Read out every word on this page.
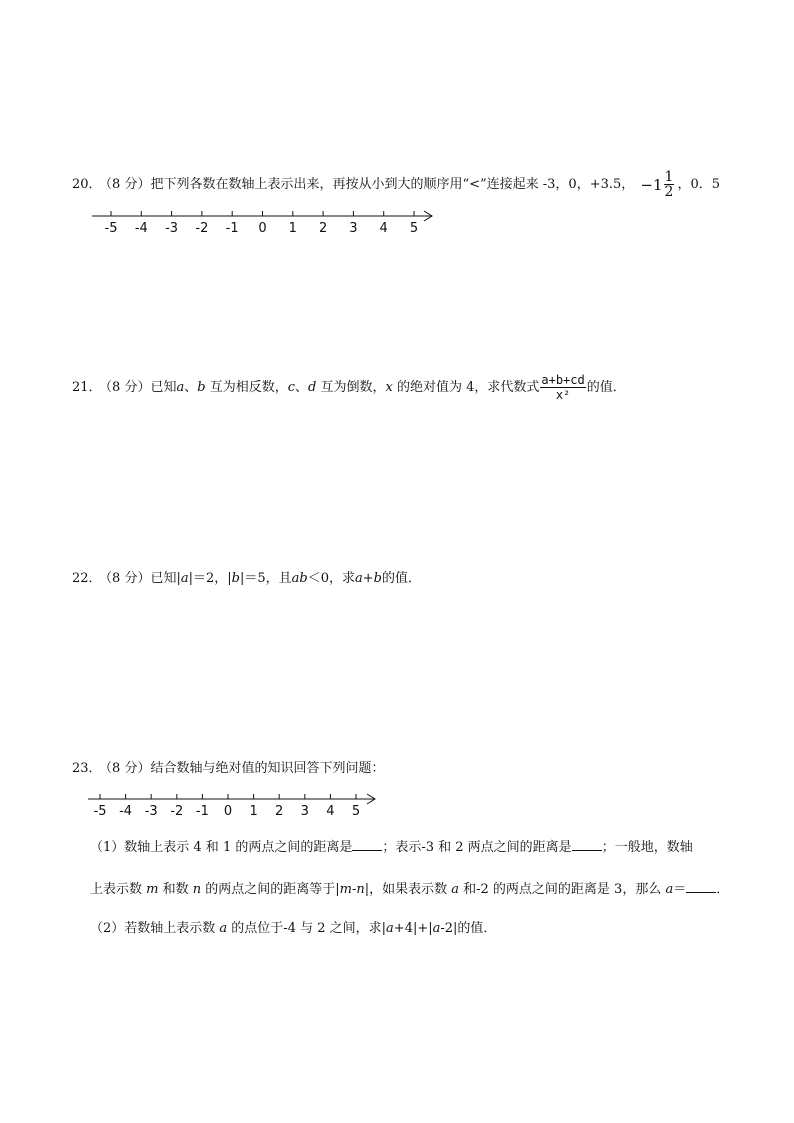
20． （8 分）把下列各数在数轴上表示出来，再按从小到大的顺序用“<”连接起来 -3，0，+3.5， $-1 \frac{1}{2}$ ，0．5
-5 -4 -3 -2 -1 0 1 2 3 4 5
21． （8 分）已知a、b 互为相反数，c、d 互为倒数，x 的绝对值为 4，求代数式 $\frac{a+b+cd}{\text{x²}}$ 的值．
22． （8 分）已知|a|＝2，|b|＝5，且ab＜0，求a+b的值．
23． （8 分）结合数轴与绝对值的知识回答下列问题：
-5 -4 -3 -2 -1 0 1 2 3 4 5
（1）数轴上表示 4 和 1 的两点之间的距离是 ；表示-3 和 2 两点之间的距离是 ；一般地，数轴
上表示数 m 和数 n 的两点之间的距离等于|m-n|，如果表示数 a 和-2 的两点之间的距离是 3，那么 a＝ ．
（2）若数轴上表示数 a 的点位于-4 与 2 之间，求|a+4|+|a-2|的值．
